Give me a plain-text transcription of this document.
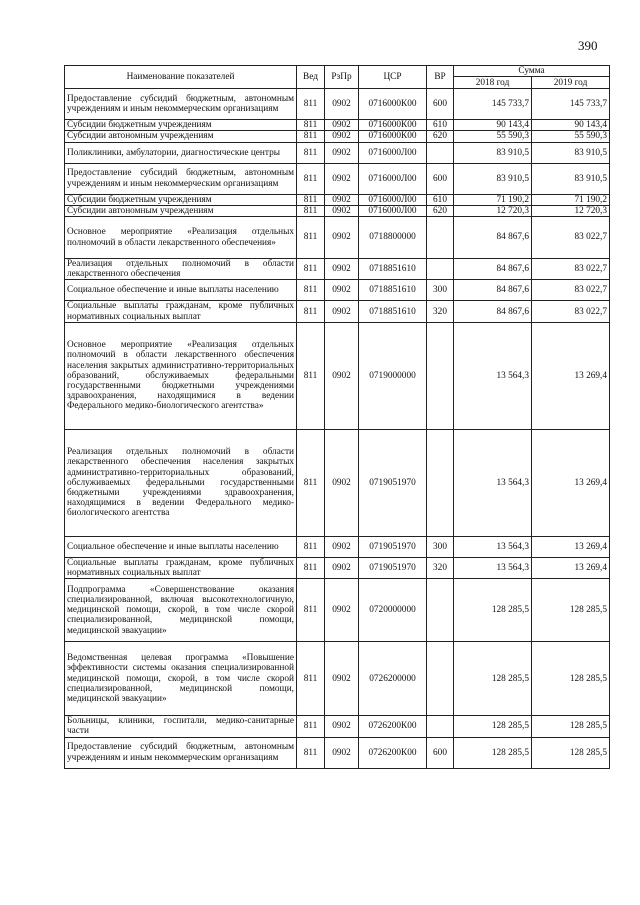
390
Наименование показателей	Вед	РзПр	ЦСР	ВР	Сумма	
					2018 год	2019 год
Предоставление субсидий бюджетным, автономным учреждениям и иным некоммерческим организациям	811	0902	0716000К00	600	145 733,7	145 733,7
Субсидии бюджетным учреждениям	811	0902	0716000К00	610	90 143,4	90 143,4
Субсидии автономным учреждениям	811	0902	0716000К00	620	55 590,3	55 590,3
Поликлиники, амбулатории, диагностические центры	811	0902	0716000Л00		83 910,5	83 910,5
Предоставление субсидий бюджетным, автономным учреждениям и иным некоммерческим организациям	811	0902	0716000Л00	600	83 910,5	83 910,5
Субсидии бюджетным учреждениям	811	0902	0716000Л00	610	71 190,2	71 190,2
Субсидии автономным учреждениям	811	0902	0716000Л00	620	12 720,3	12 720,3
Основное мероприятие «Реализация отдельных полномочий в области лекарственного обеспечения»	811	0902	0718800000		84 867,6	83 022,7
Реализация отдельных полномочий в области лекарственного обеспечения	811	0902	0718851610		84 867,6	83 022,7
Социальное обеспечение и иные выплаты населению	811	0902	0718851610	300	84 867,6	83 022,7
Социальные выплаты гражданам, кроме публичных нормативных социальных выплат	811	0902	0718851610	320	84 867,6	83 022,7
Основное мероприятие «Реализация отдельных полномочий в области лекарственного обеспечения населения закрытых административно-территориальных образований, обслуживаемых федеральными государственными бюджетными учреждениями здравоохранения, находящимися в ведении Федерального медико-биологического агентства»	811	0902	0719000000		13 564,3	13 269,4
Реализация отдельных полномочий в области лекарственного обеспечения населения закрытых административно-территориальных образований, обслуживаемых федеральными государственными бюджетными учреждениями здравоохранения, находящимися в ведении Федерального медико-биологического агентства	811	0902	0719051970		13 564,3	13 269,4
Социальное обеспечение и иные выплаты населению	811	0902	0719051970	300	13 564,3	13 269,4
Социальные выплаты гражданам, кроме публичных нормативных социальных выплат	811	0902	0719051970	320	13 564,3	13 269,4
Подпрограмма «Совершенствование оказания специализированной, включая высокотехнологичную, медицинской помощи, скорой, в том числе скорой специализированной, медицинской помощи, медицинской эвакуации»	811	0902	0720000000		128 285,5	128 285,5
Ведомственная целевая программа «Повышение эффективности системы оказания специализированной медицинской помощи, скорой, в том числе скорой специализированной, медицинской помощи, медицинской эвакуации»	811	0902	0726200000		128 285,5	128 285,5
Больницы, клиники, госпитали, медико-санитарные части	811	0902	0726200К00		128 285,5	128 285,5
Предоставление субсидий бюджетным, автономным учреждениям и иным некоммерческим организациям	811	0902	0726200К00	600	128 285,5	128 285,5
